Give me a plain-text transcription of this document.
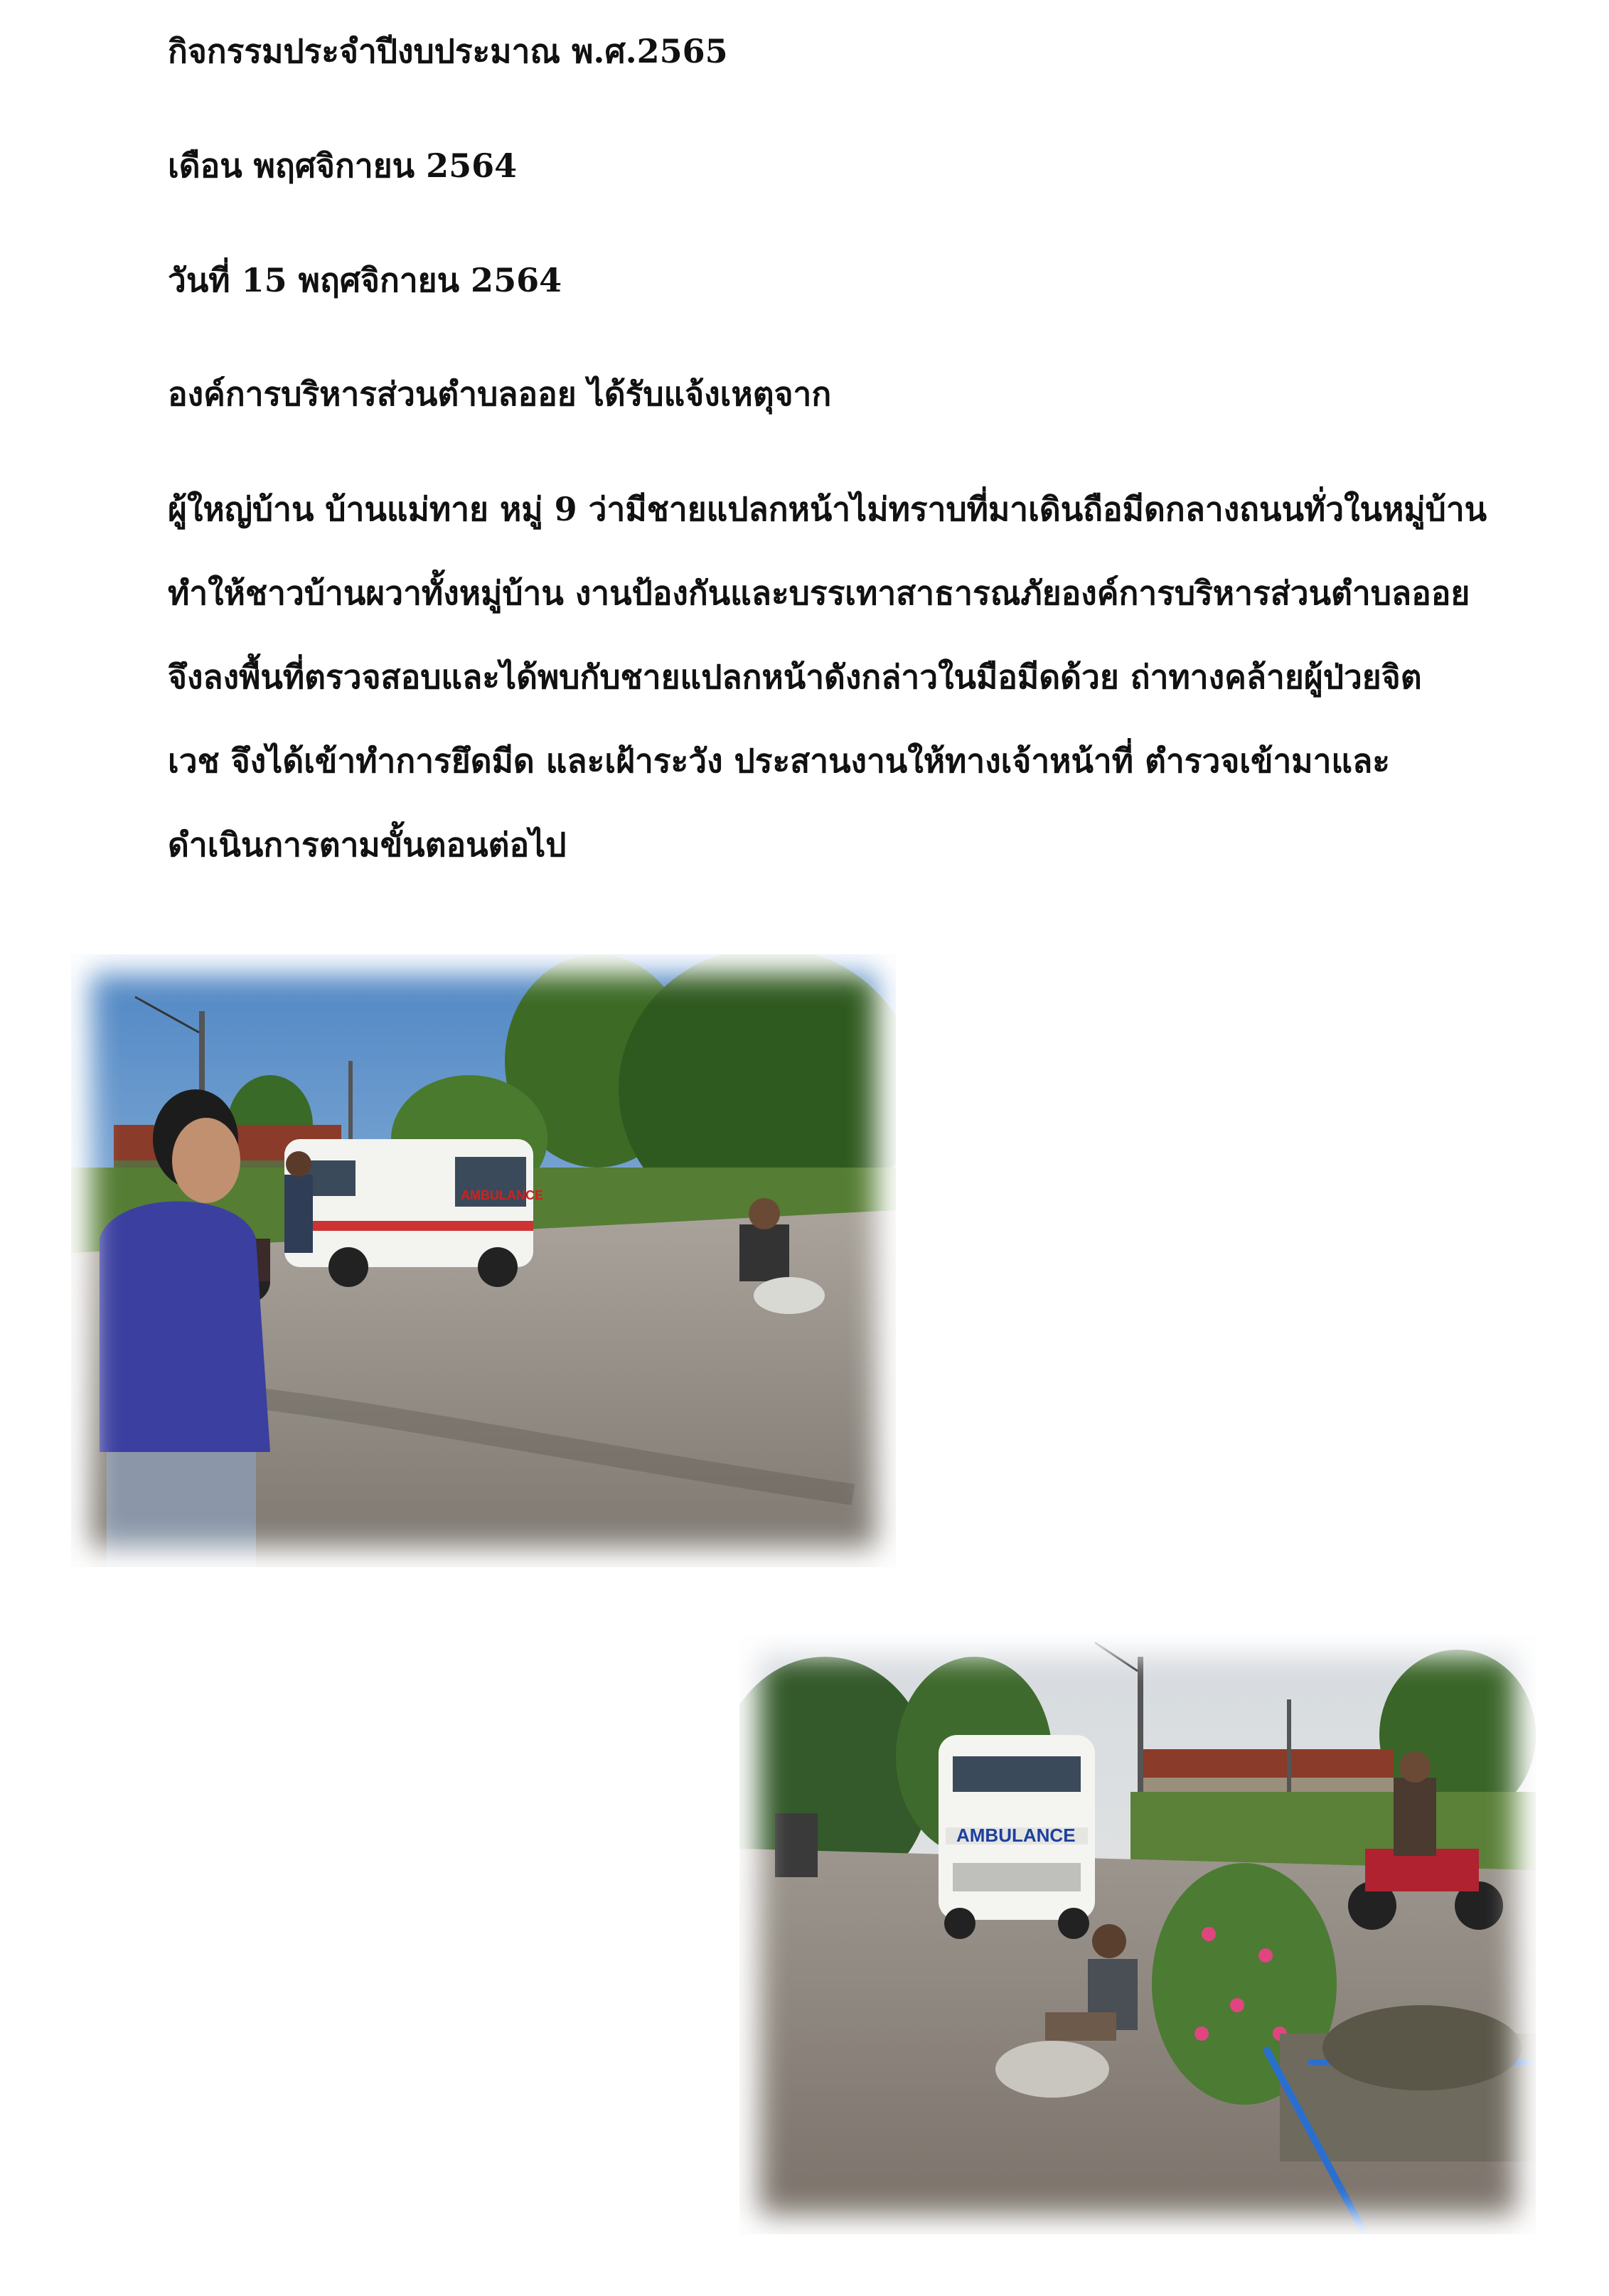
กิจกรรมประจำปีงบประมาณ พ.ศ.2565
เดือน พฤศจิกายน 2564
วันที่ 15 พฤศจิกายน 2564
องค์การบริหารส่วนตำบลออย ได้รับแจ้งเหตุจาก
ผู้ใหญ่บ้าน บ้านแม่ทาย หมู่ 9 ว่ามีชายแปลกหน้าไม่ทราบที่มาเดินถือมีดกลางถนนทั่วในหมู่บ้าน
ทำให้ชาวบ้านผวาทั้งหมู่บ้าน งานป้องกันและบรรเทาสาธารณภัยองค์การบริหารส่วนตำบลออย
จึงลงพื้นที่ตรวจสอบและได้พบกับชายแปลกหน้าดังกล่าวในมือมีดด้วย ถ่าทางคล้ายผู้ป่วยจิต
เวช จึงได้เข้าทำการยึดมีด และเฝ้าระวัง ประสานงานให้ทางเจ้าหน้าที่ ตำรวจเข้ามาและ
ดำเนินการตามขั้นตอนต่อไป
AMBULANCE
AMBULANCE
